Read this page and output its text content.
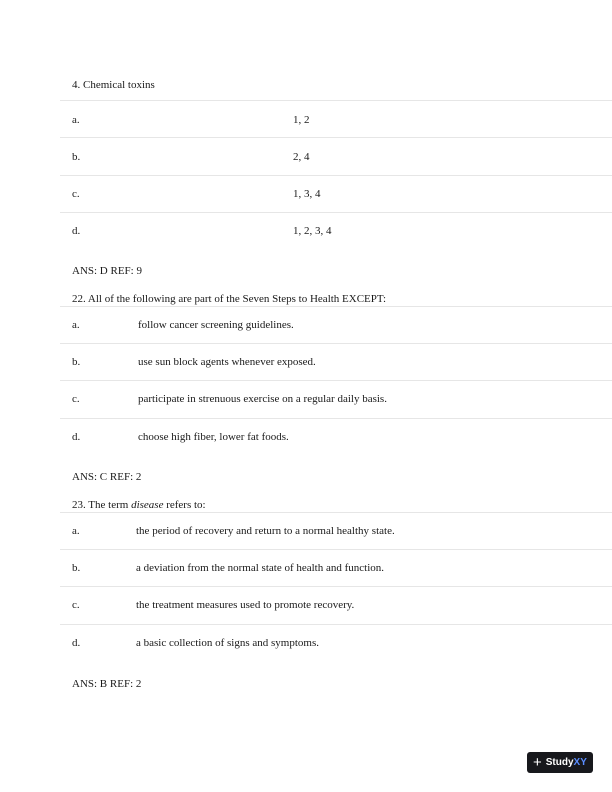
4. Chemical toxins
a.	1, 2
b.	2, 4
c.	1, 3, 4
d.	1, 2, 3, 4
ANS: D REF: 9
22. All of the following are part of the Seven Steps to Health EXCEPT:
a.	follow cancer screening guidelines.
b.	use sun block agents whenever exposed.
c.	participate in strenuous exercise on a regular daily basis.
d.	choose high fiber, lower fat foods.
ANS: C REF: 2
23. The term disease refers to:
a.	the period of recovery and return to a normal healthy state.
b.	a deviation from the normal state of health and function.
c.	the treatment measures used to promote recovery.
d.	a basic collection of signs and symptoms.
ANS: B REF: 2
+ Study XY
